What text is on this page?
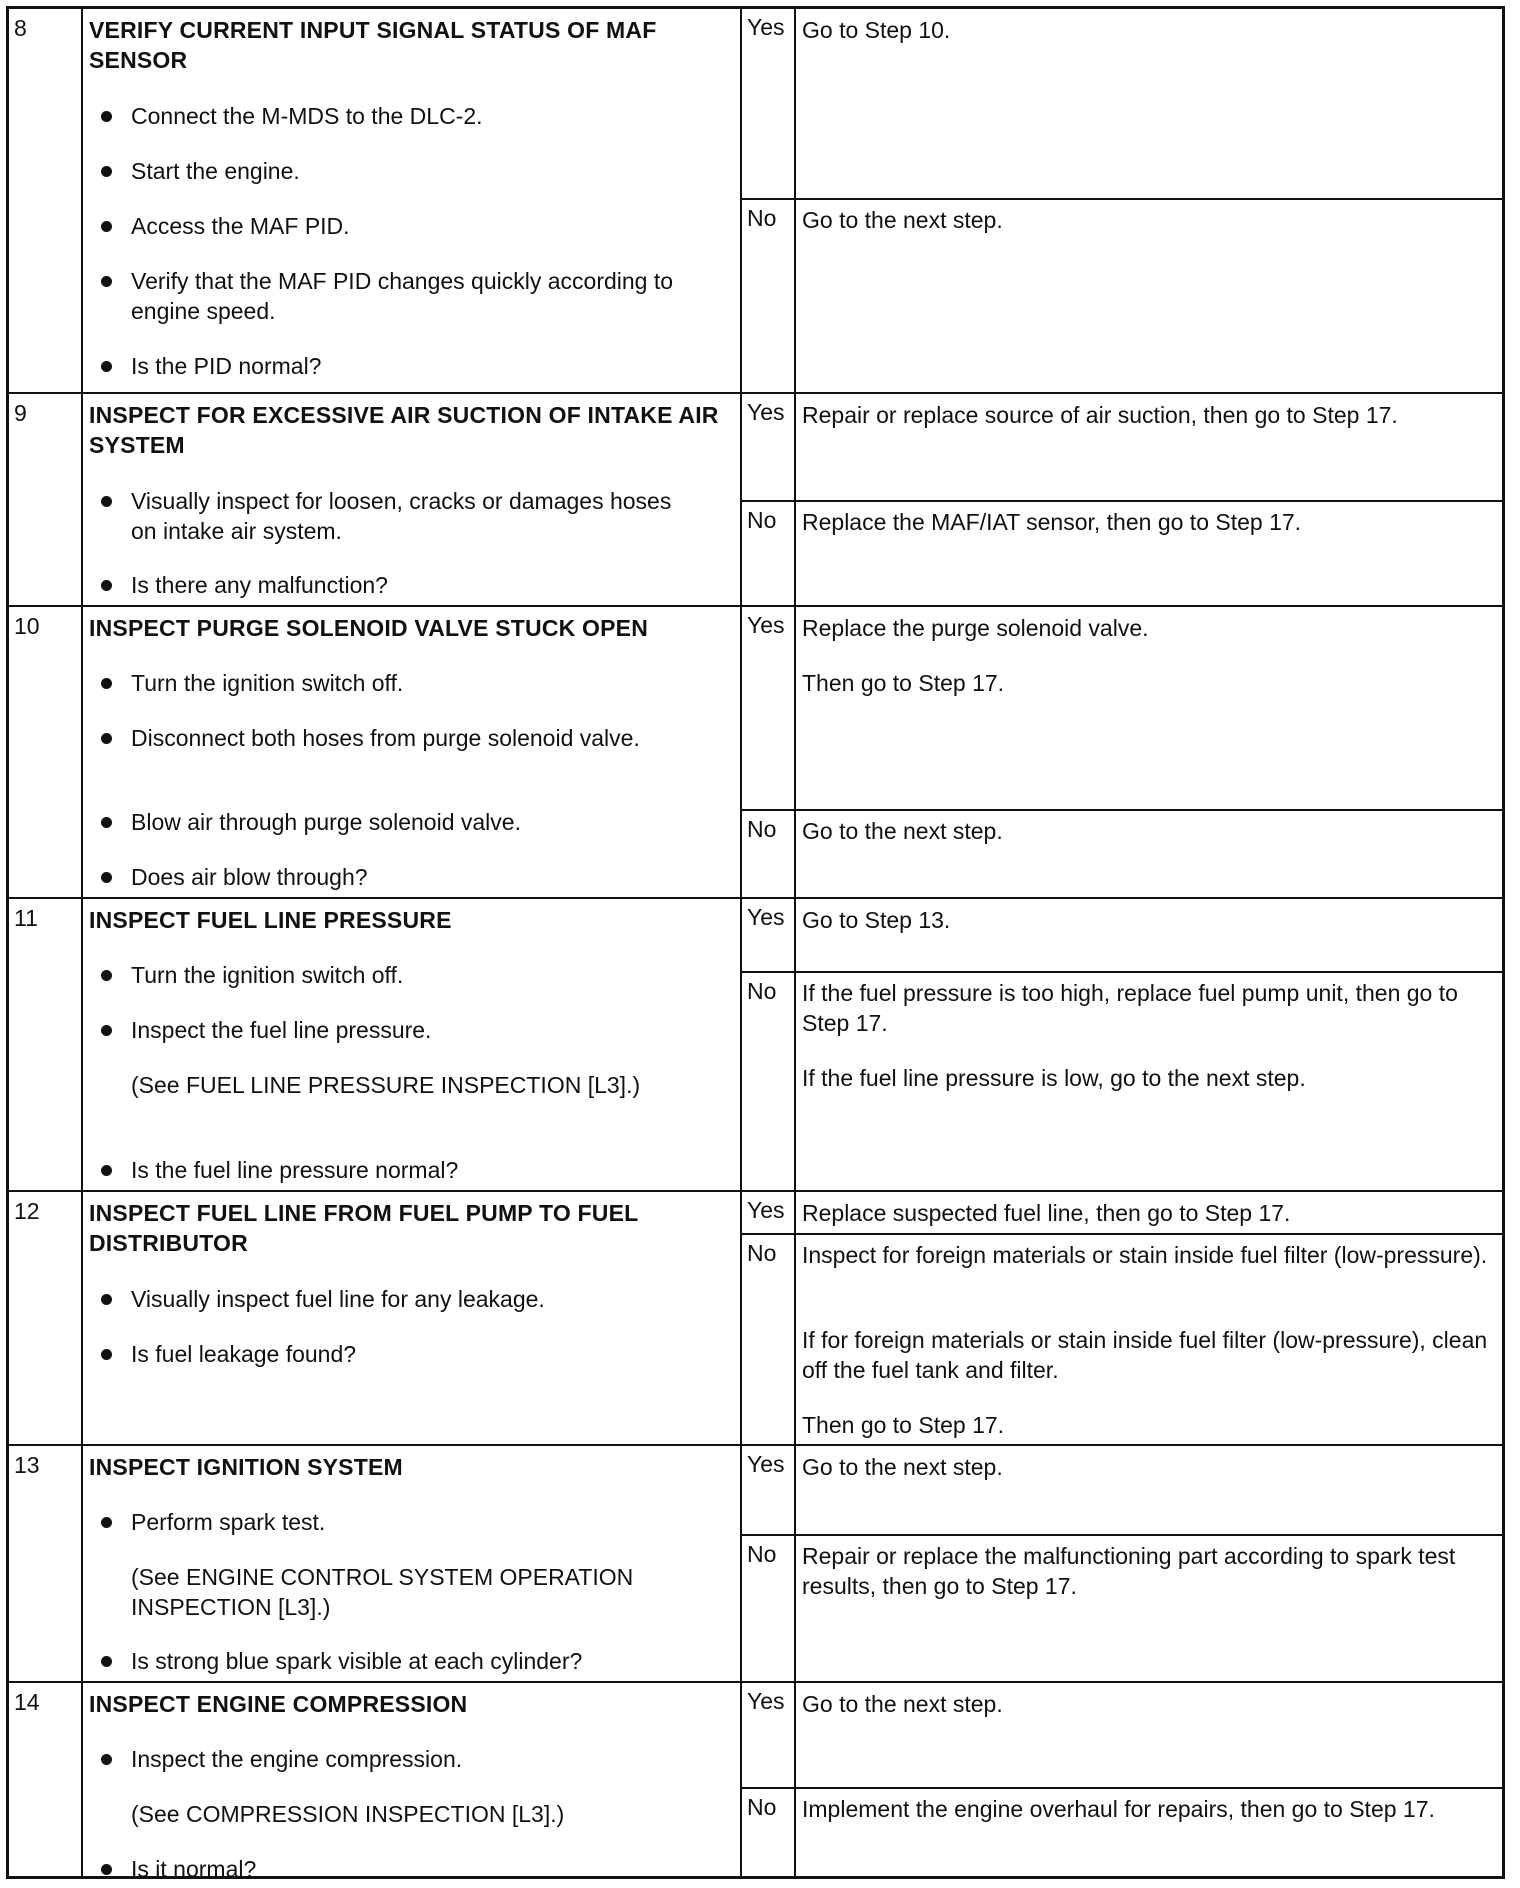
8	VERIFY CURRENT INPUT SIGNAL STATUS OF MAF SENSOR
Connect the M-MDS to the DLC-2.
Start the engine.
Access the MAF PID.
Verify that the MAF PID changes quickly according to engine speed.
Is the PID normal?
Yes Go to Step 10.
No Go to the next step.
9	INSPECT FOR EXCESSIVE AIR SUCTION OF INTAKE AIR SYSTEM
Visually inspect for loosen, cracks or damages hoses on intake air system.
Is there any malfunction?
Yes Repair or replace source of air suction, then go to Step 17.
No Replace the MAF/IAT sensor, then go to Step 17.
10 INSPECT PURGE SOLENOID VALVE STUCK OPEN
Turn the ignition switch off.
Disconnect both hoses from purge solenoid valve.
Blow air through purge solenoid valve.
Does air blow through?
Yes Replace the purge solenoid valve.
Then go to Step 17.
No Go to the next step.
11 INSPECT FUEL LINE PRESSURE
Turn the ignition switch off.
Inspect the fuel line pressure.
(See FUEL LINE PRESSURE INSPECTION [L3].)
Is the fuel line pressure normal?
Yes Go to Step 13.
No If the fuel pressure is too high, replace fuel pump unit, then go to Step 17.
If the fuel line pressure is low, go to the next step.
12 INSPECT FUEL LINE FROM FUEL PUMP TO FUEL DISTRIBUTOR
Visually inspect fuel line for any leakage.
Is fuel leakage found?
Yes Replace suspected fuel line, then go to Step 17.
No Inspect for foreign materials or stain inside fuel filter (low-pressure).
If for foreign materials or stain inside fuel filter (low-pressure), clean off the fuel tank and filter.
Then go to Step 17.
13 INSPECT IGNITION SYSTEM
Perform spark test.
(See ENGINE CONTROL SYSTEM OPERATION INSPECTION [L3].)
Is strong blue spark visible at each cylinder?
Yes Go to the next step.
No Repair or replace the malfunctioning part according to spark test results, then go to Step 17.
14 INSPECT ENGINE COMPRESSION
Inspect the engine compression.
(See COMPRESSION INSPECTION [L3].)
Is it normal?
Yes Go to the next step.
No Implement the engine overhaul for repairs, then go to Step 17.
